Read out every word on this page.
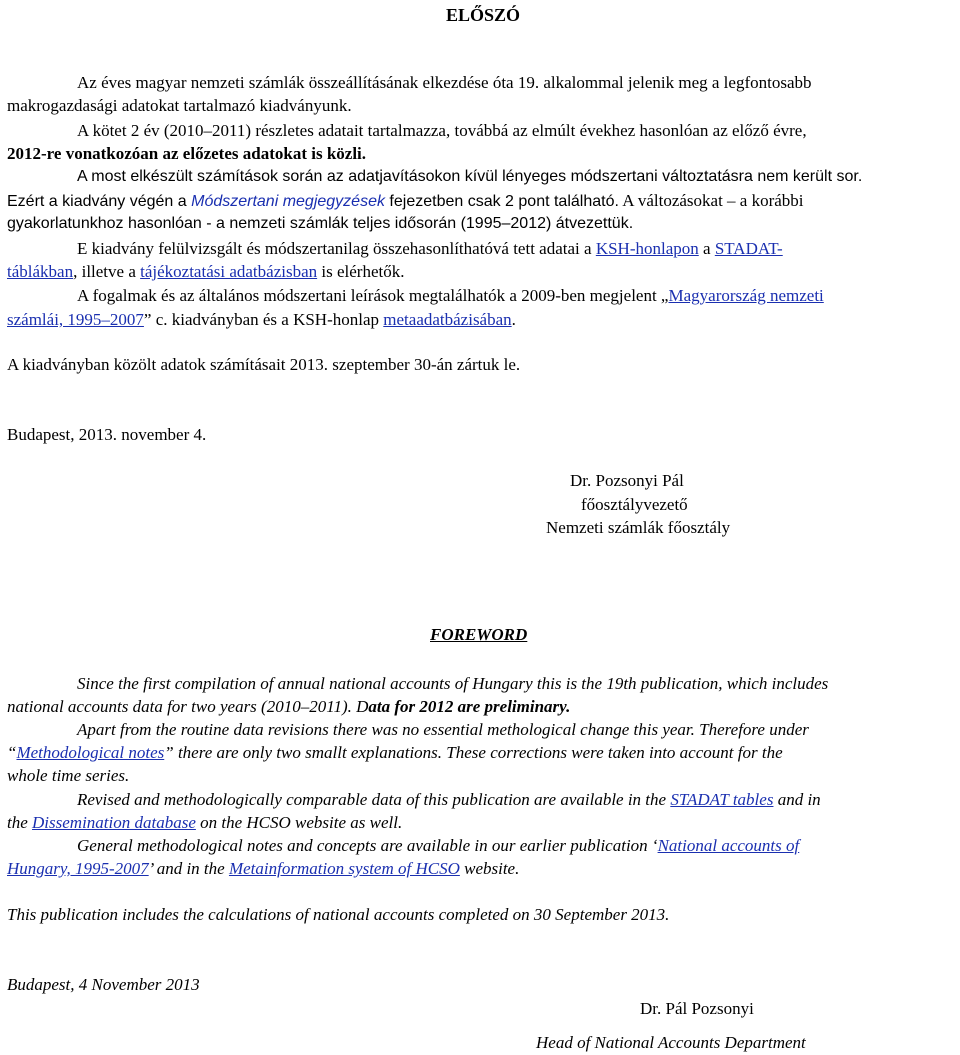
ELŐSZÓ
Az éves magyar nemzeti számlák összeállításának elkezdése óta 19. alkalommal jelenik meg a legfontosabb
makrogazdasági adatokat tartalmazó kiadványunk.
A kötet 2 év (2010–2011) részletes adatait tartalmazza, továbbá az elmúlt évekhez hasonlóan az előző évre,
2012-re vonatkozóan az előzetes adatokat is közli.
A most elkészült számítások során az adatjavításokon kívül lényeges módszertani változtatásra nem került sor.
Ezért a kiadvány végén a Módszertani megjegyzések fejezetben csak 2 pont található. A változásokat – a korábbi
gyakorlatunkhoz hasonlóan - a nemzeti számlák teljes idősorán (1995–2012) átvezettük.
E kiadvány felülvizsgált és módszertanilag összehasonlíthatóvá tett adatai a KSH-honlapon a STADAT-
táblákban, illetve a tájékoztatási adatbázisban is elérhetők.
A fogalmak és az általános módszertani leírások megtalálhatók a 2009-ben megjelent „Magyarország nemzeti
számlái, 1995–2007” c. kiadványban és a KSH-honlap metaadatbázisában.
A kiadványban közölt adatok számításait 2013. szeptember 30-án zártuk le.
Budapest, 2013. november 4.
Dr. Pozsonyi Pál
főosztályvezető
Nemzeti számlák főosztály
FOREWORD
Since the first compilation of annual national accounts of Hungary this is the 19th publication, which includes
national accounts data for two years (2010–2011). Data for 2012 are preliminary.
Apart from the routine data revisions there was no essential methological change this year. Therefore under
“Methodological notes” there are only two smallt explanations. These corrections were taken into account for the
whole time series.
Revised and methodologically comparable data of this publication are available in the STADAT tables and in
the Dissemination database on the HCSO website as well.
General methodological notes and concepts are available in our earlier publication ‘National accounts of
Hungary, 1995-2007’ and in the Metainformation system of HCSO website.
This publication includes the calculations of national accounts completed on 30 September 2013.
Budapest, 4 November 2013
Dr. Pál Pozsonyi
Head of National Accounts Department
